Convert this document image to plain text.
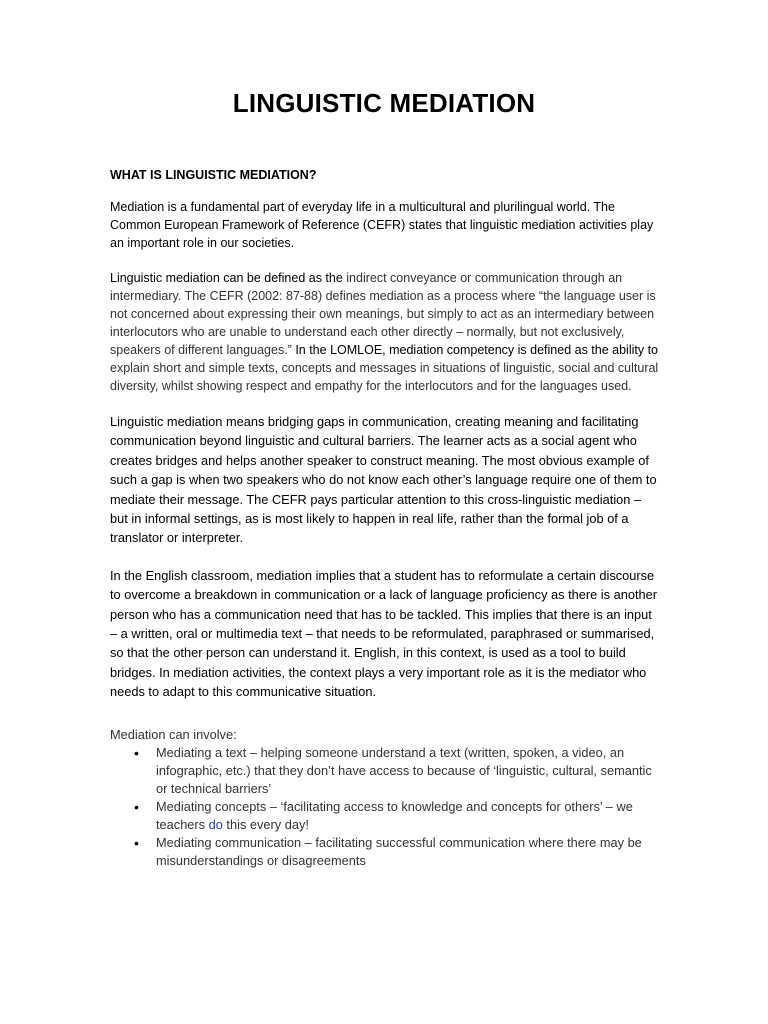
LINGUISTIC MEDIATION
WHAT IS LINGUISTIC MEDIATION?

Mediation is a fundamental part of everyday life in a multicultural and plurilingual world. The Common European Framework of Reference (CEFR) states that linguistic mediation activities play an important role in our societies.

Linguistic mediation can be defined as the indirect conveyance or communication through an intermediary. The CEFR (2002: 87-88) defines mediation as a process where “the language user is not concerned about expressing their own meanings, but simply to act as an intermediary between interlocutors who are unable to understand each other directly – normally, but not exclusively, speakers of different languages.” In the LOMLOE, mediation competency is defined as the ability to explain short and simple texts, concepts and messages in situations of linguistic, social and cultural diversity, whilst showing respect and empathy for the interlocutors and for the languages used.

Linguistic mediation means bridging gaps in communication, creating meaning and facilitating communication beyond linguistic and cultural barriers. The learner acts as a social agent who creates bridges and helps another speaker to construct meaning. The most obvious example of such a gap is when two speakers who do not know each other’s language require one of them to mediate their message. The CEFR pays particular attention to this cross-linguistic mediation – but in informal settings, as is most likely to happen in real life, rather than the formal job of a translator or interpreter.

In the English classroom, mediation implies that a student has to reformulate a certain discourse to overcome a breakdown in communication or a lack of language proficiency as there is another person who has a communication need that has to be tackled. This implies that there is an input – a written, oral or multimedia text – that needs to be reformulated, paraphrased or summarised, so that the other person can understand it. English, in this context, is used as a tool to build bridges. In mediation activities, the context plays a very important role as it is the mediator who needs to adapt to this communicative situation.

Mediation can involve:

• Mediating a text – helping someone understand a text (written, spoken, a video, an infographic, etc.) that they don’t have access to because of ‘linguistic, cultural, semantic or technical barriers’
• Mediating concepts – ‘facilitating access to knowledge and concepts for others’ – we teachers do this every day!
• Mediating communication – facilitating successful communication where there may be misunderstandings or disagreements
